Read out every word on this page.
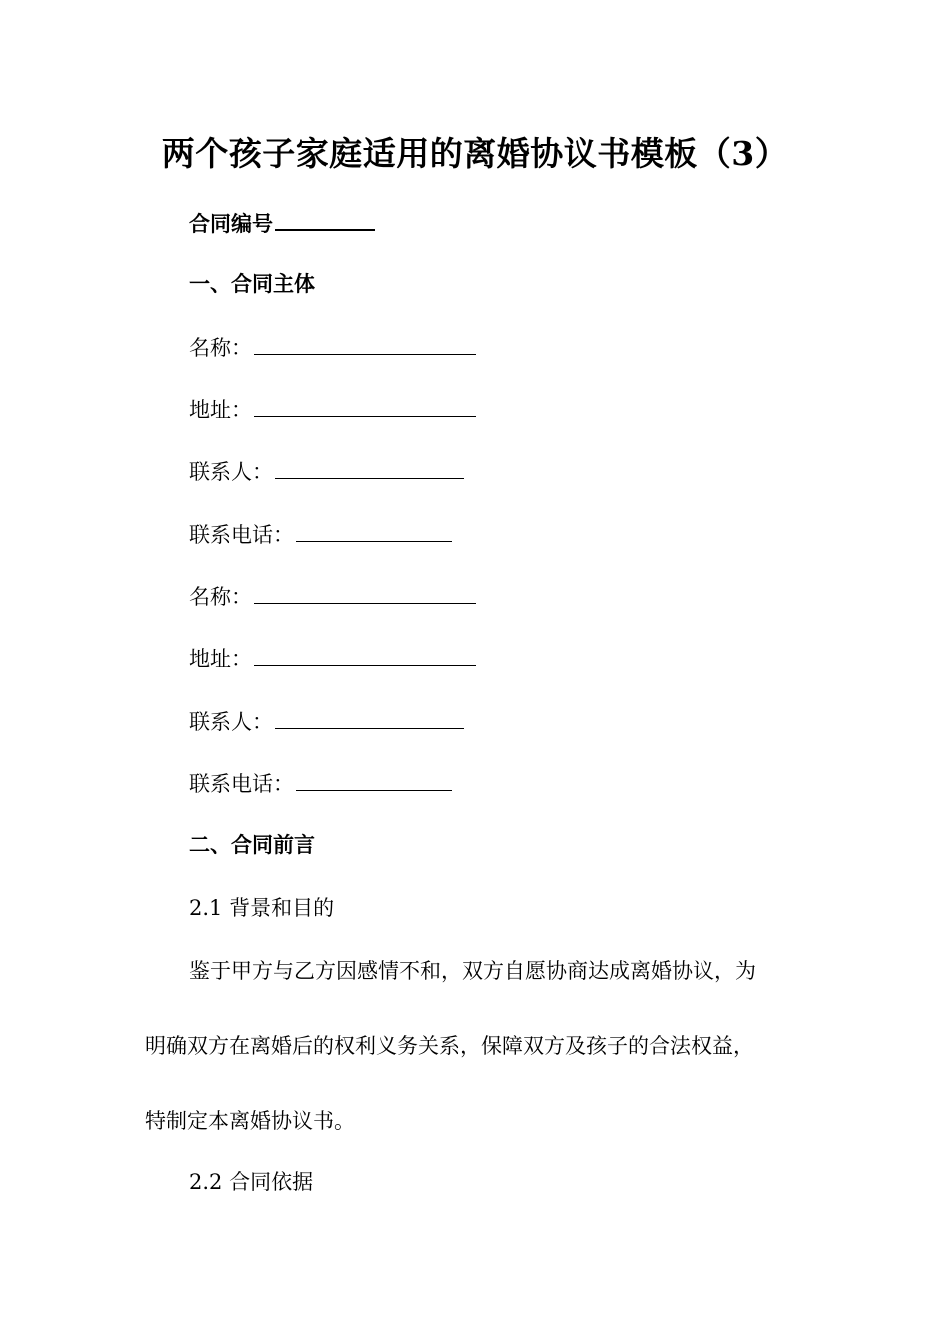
两个孩子家庭适用的离婚协议书模板（3）
合同编号
一、合同主体
名称：
地址：
联系人：
联系电话：
名称：
地址：
联系人：
联系电话：
二、合同前言
2.1 背景和目的
鉴于甲方与乙方因感情不和，双方自愿协商达成离婚协议，为
明确双方在离婚后的权利义务关系，保障双方及孩子的合法权益，
特制定本离婚协议书。
2.2 合同依据
